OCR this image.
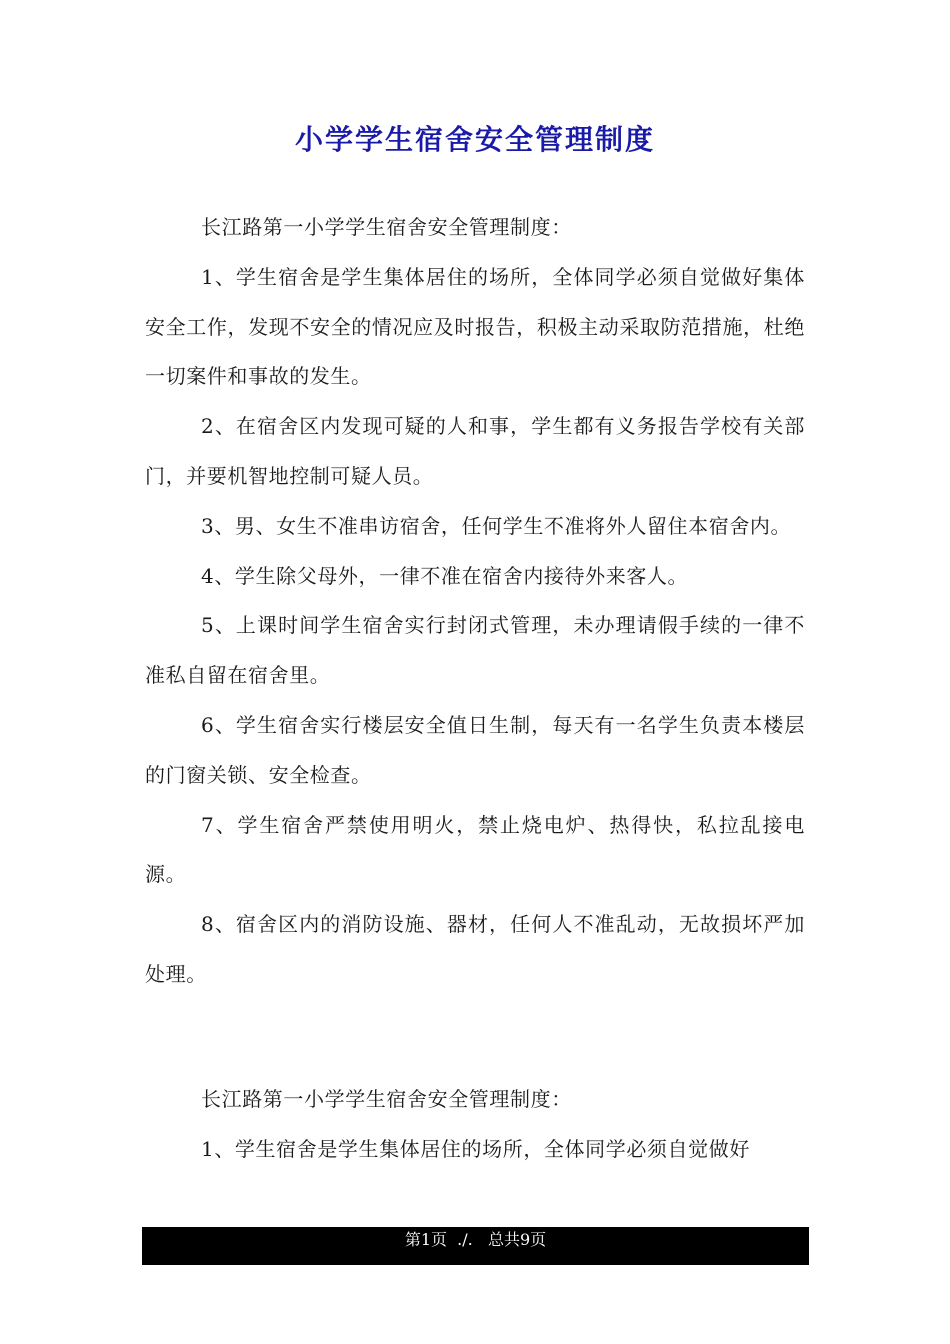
小学学生宿舍安全管理制度

长江路第一小学学生宿舍安全管理制度：

1、学生宿舍是学生集体居住的场所，全体同学必须自觉做好集体安全工作，发现不安全的情况应及时报告，积极主动采取防范措施，杜绝一切案件和事故的发生。

2、在宿舍区内发现可疑的人和事，学生都有义务报告学校有关部门，并要机智地控制可疑人员。

3、男、女生不准串访宿舍，任何学生不准将外人留住本宿舍内。

4、学生除父母外，一律不准在宿舍内接待外来客人。

5、上课时间学生宿舍实行封闭式管理，未办理请假手续的一律不准私自留在宿舍里。

6、学生宿舍实行楼层安全值日生制，每天有一名学生负责本楼层的门窗关锁、安全检查。

7、学生宿舍严禁使用明火，禁止烧电炉、热得快，私拉乱接电源。

8、宿舍区内的消防设施、器材，任何人不准乱动，无故损坏严加处理。

长江路第一小学学生宿舍安全管理制度：

1、学生宿舍是学生集体居住的场所，全体同学必须自觉做好

第1页  ./.   总共9页
